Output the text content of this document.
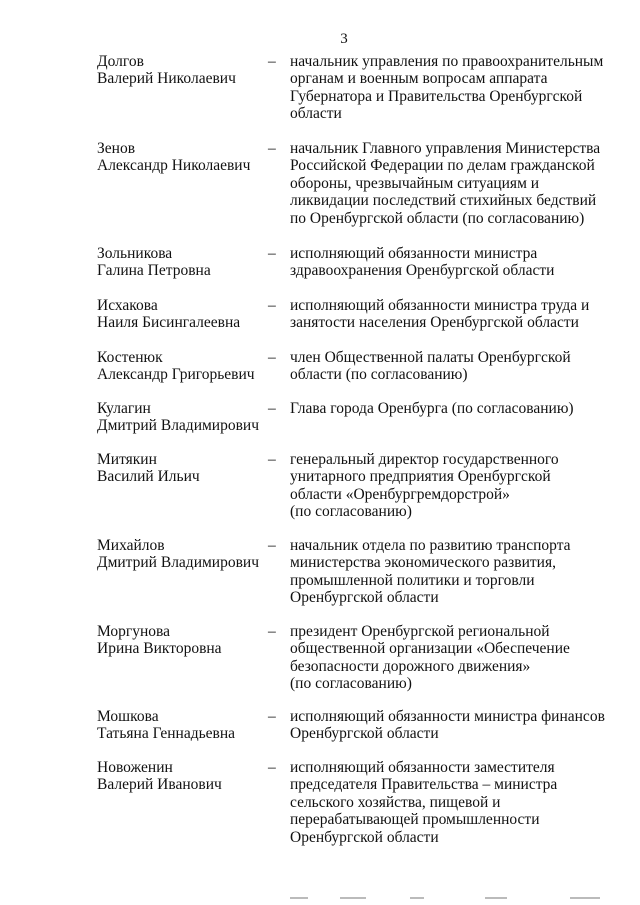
3
Долгов
Валерий Николаевич
– начальник управления по правоохранительным
органам и военным вопросам аппарата
Губернатора и Правительства Оренбургской
области
Зенов
Александр Николаевич
– начальник Главного управления Министерства
Российской Федерации по делам гражданской
обороны, чрезвычайным ситуациям и
ликвидации последствий стихийных бедствий
по Оренбургской области (по согласованию)
Зольникова
Галина Петровна
– исполняющий обязанности министра
здравоохранения Оренбургской области
Исхакова
Наиля Бисингалеевна
– исполняющий обязанности министра труда и
занятости населения Оренбургской области
Костенюк
Александр Григорьевич
– член Общественной палаты Оренбургской
области (по согласованию)
Кулагин
Дмитрий Владимирович
– Глава города Оренбурга (по согласованию)
Митякин
Василий Ильич
– генеральный директор государственного
унитарного предприятия Оренбургской
области «Оренбургремдорстрой»
(по согласованию)
Михайлов
Дмитрий Владимирович
– начальник отдела по развитию транспорта
министерства экономического развития,
промышленной политики и торговли
Оренбургской области
Моргунова
Ирина Викторовна
– президент Оренбургской региональной
общественной организации «Обеспечение
безопасности дорожного движения»
(по согласованию)
Мошкова
Татьяна Геннадьевна
– исполняющий обязанности министра финансов
Оренбургской области
Новоженин
Валерий Иванович
– исполняющий обязанности заместителя
председателя Правительства – министра
сельского хозяйства, пищевой и
перерабатывающей промышленности
Оренбургской области
